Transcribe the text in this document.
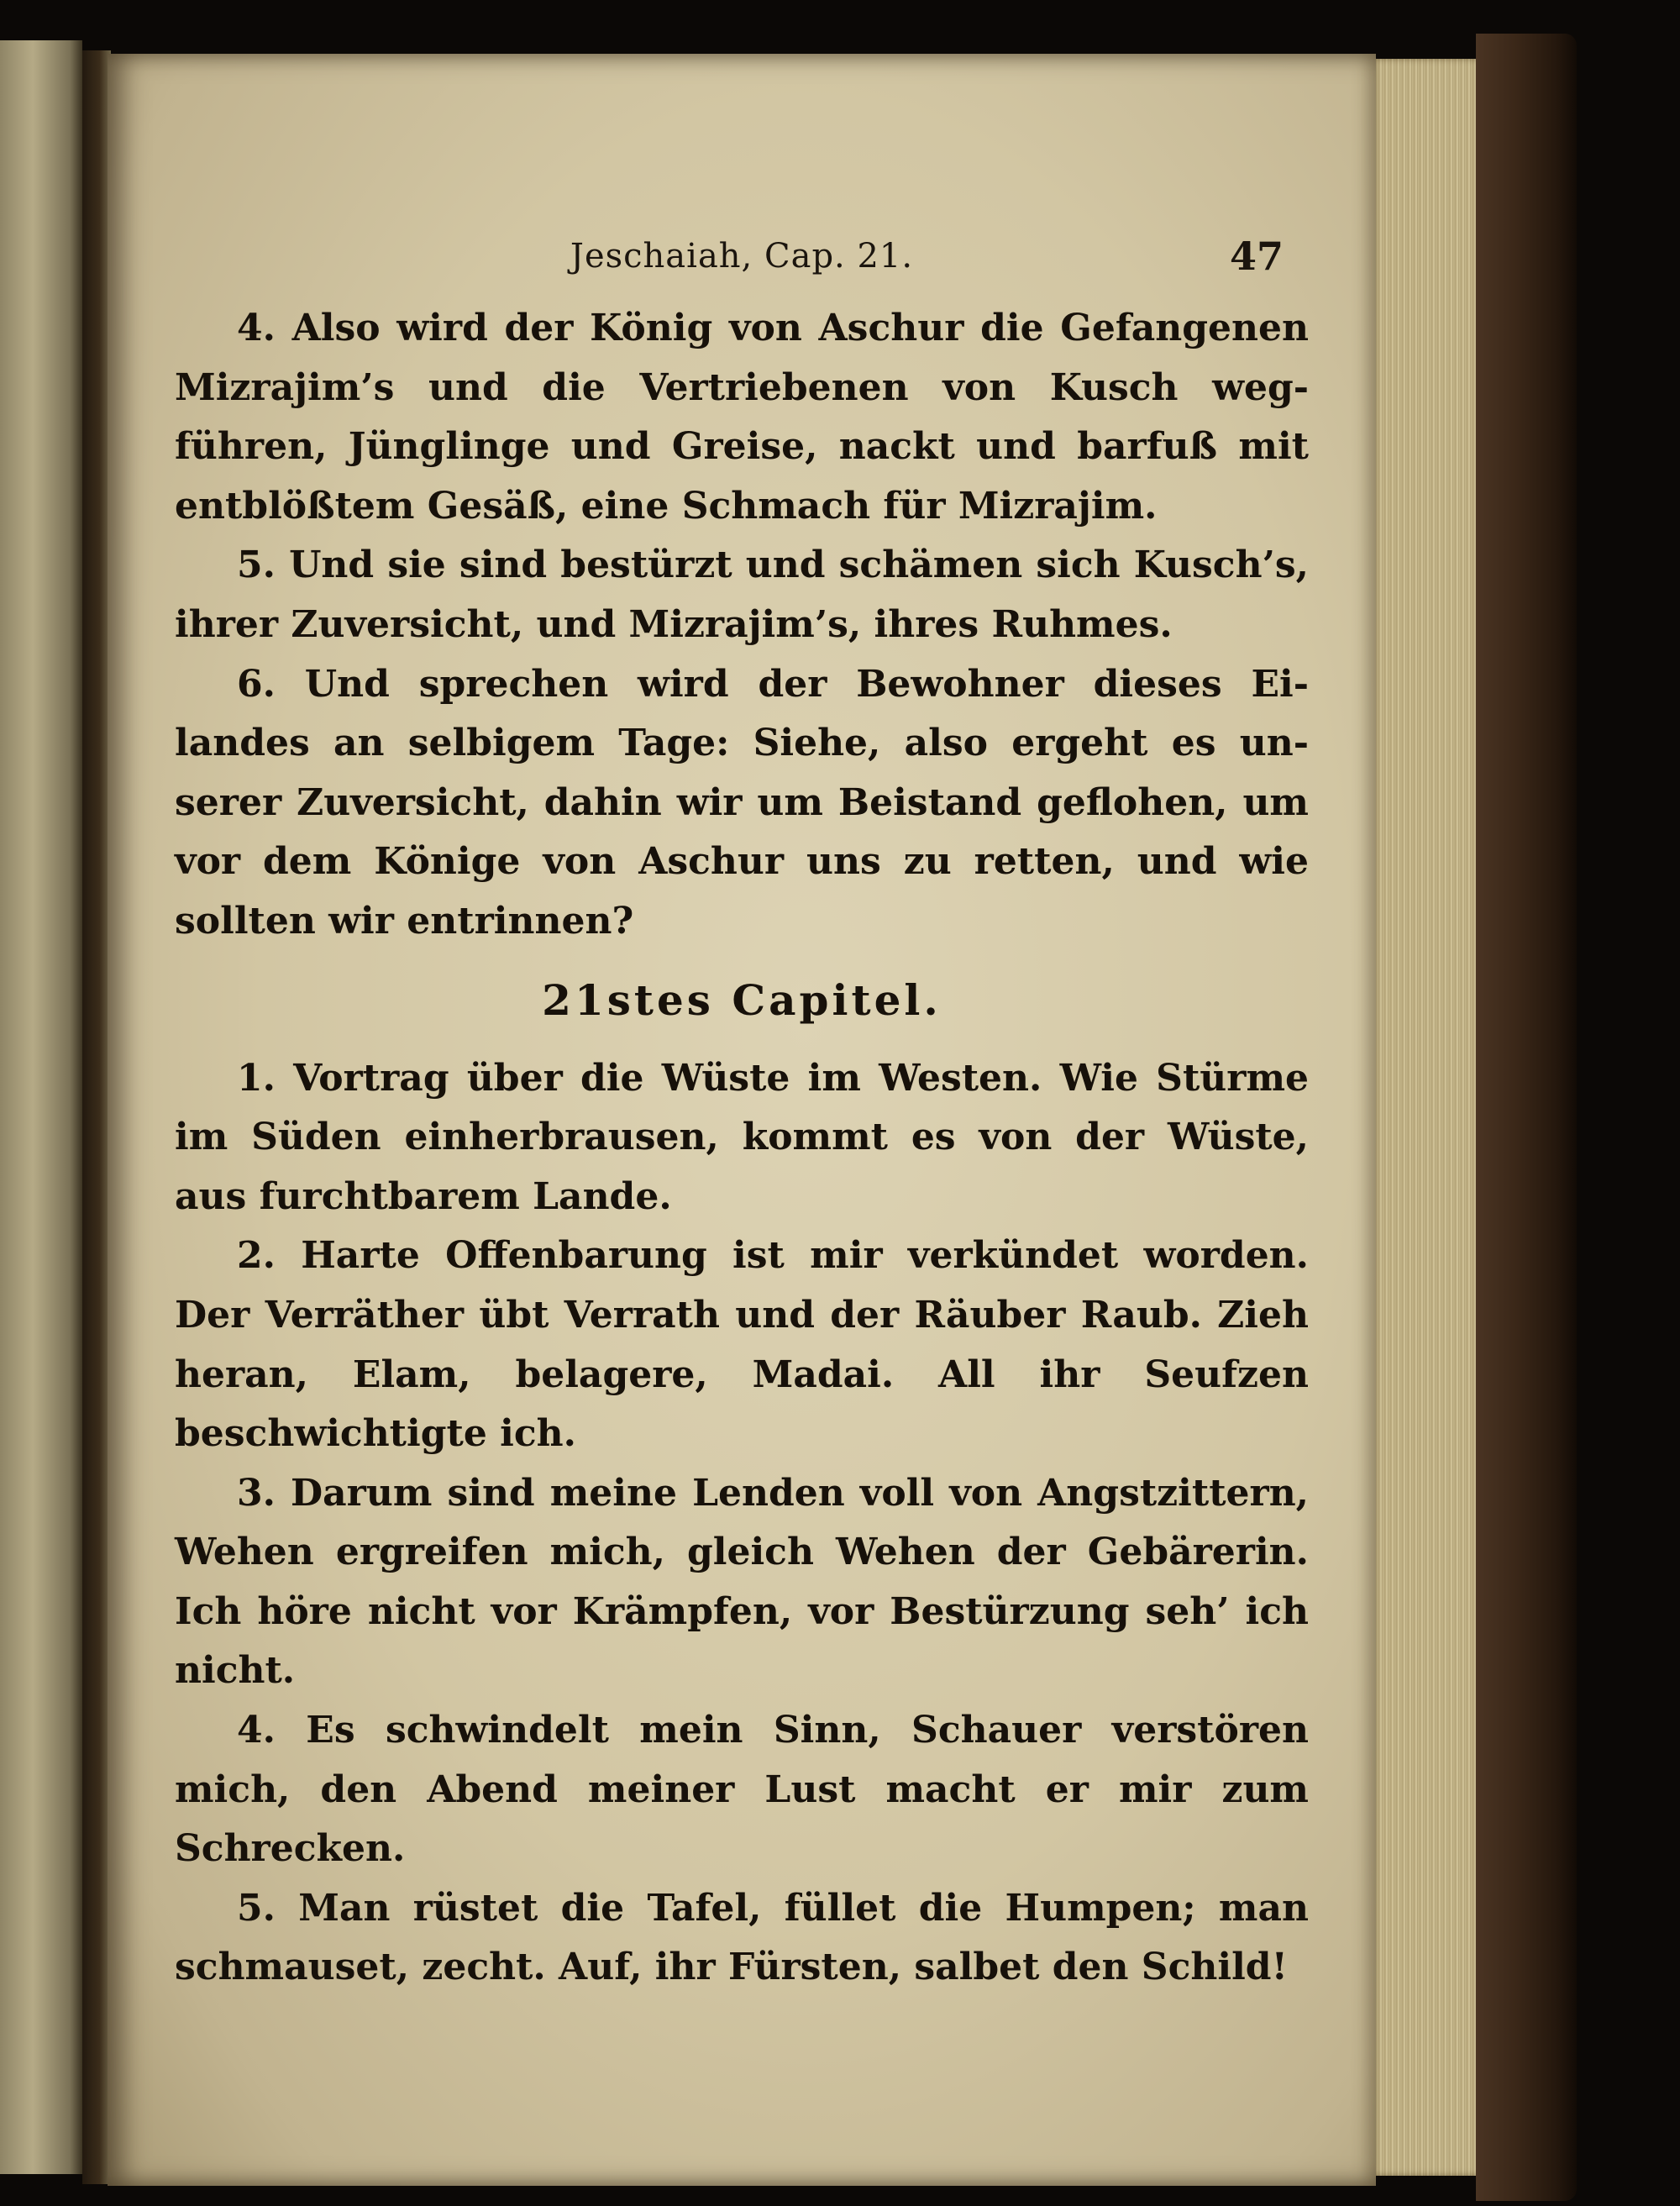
Jeschaiah, Cap. 21.	47

4. Also wird der König von Aschur die Gefangenen Mizrajim’s und die Vertriebenen von Kusch wegführen, Jünglinge und Greise, nackt und barfuß mit entblößtem Gesäß, eine Schmach für Mizrajim.

5. Und sie sind bestürzt und schämen sich Kusch’s, ihrer Zuversicht, und Mizrajim’s, ihres Ruhmes.

6. Und sprechen wird der Bewohner dieses Eilandes an selbigem Tage: Siehe, also ergeht es unserer Zuversicht, dahin wir um Beistand geflohen, um vor dem Könige von Aschur uns zu retten, und wie sollten wir entrinnen?

21stes Capitel.

1. Vortrag über die Wüste im Westen. Wie Stürme im Süden einherbrausen, kommt es von der Wüste, aus furchtbarem Lande.

2. Harte Offenbarung ist mir verkündet worden. Der Verräther übt Verrath und der Räuber Raub. Zieh heran, Elam, belagere, Madai. All ihr Seufzen beschwichtigte ich.

3. Darum sind meine Lenden voll von Angstzittern, Wehen ergreifen mich, gleich Wehen der Gebärerin. Ich höre nicht vor Krämpfen, vor Bestürzung seh’ ich nicht.

4. Es schwindelt mein Sinn, Schauer verstören mich, den Abend meiner Lust macht er mir zum Schrecken.

5. Man rüstet die Tafel, füllet die Humpen; man schmauset, zecht. Auf, ihr Fürsten, salbet den Schild!
